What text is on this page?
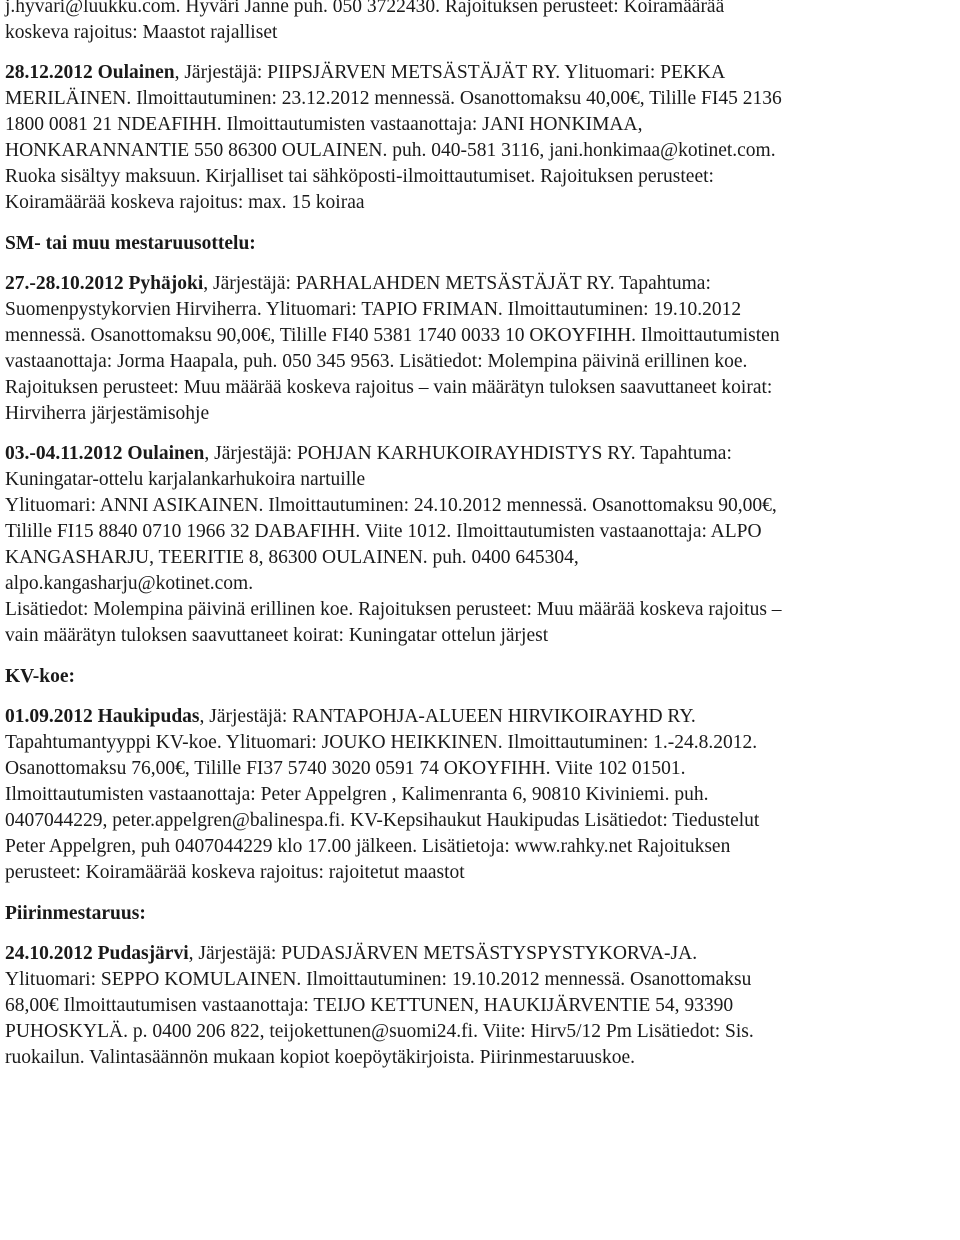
j.hyvari@luukku.com. Hyväri Janne puh. 050 3722430. Rajoituksen perusteet: Koiramäärää
koskeva rajoitus: Maastot rajalliset
28.12.2012 Oulainen, Järjestäjä: PIIPSJÄRVEN METSÄSTÄJÄT RY. Ylituomari: PEKKA
MERILÄINEN. Ilmoittautuminen: 23.12.2012 mennessä. Osanottomaksu 40,00€, Tilille FI45 2136
1800 0081 21 NDEAFIHH. Ilmoittautumisten vastaanottaja: JANI HONKIMAA,
HONKARANNANTIE 550 86300 OULAINEN. puh. 040-581 3116, jani.honkimaa@kotinet.com.
Ruoka sisältyy maksuun. Kirjalliset tai sähköposti-ilmoittautumiset. Rajoituksen perusteet:
Koiramäärää koskeva rajoitus: max. 15 koiraa
SM- tai muu mestaruusottelu:
27.-28.10.2012 Pyhäjoki, Järjestäjä: PARHALAHDEN METSÄSTÄJÄT RY. Tapahtuma:
Suomenpystykorvien Hirviherra. Ylituomari: TAPIO FRIMAN. Ilmoittautuminen: 19.10.2012
mennessä. Osanottomaksu 90,00€, Tilille FI40 5381 1740 0033 10 OKOYFIHH. Ilmoittautumisten
vastaanottaja: Jorma Haapala, puh. 050 345 9563. Lisätiedot: Molempina päivinä erillinen koe.
Rajoituksen perusteet: Muu määrää koskeva rajoitus – vain määrätyn tuloksen saavuttaneet koirat:
Hirviherra järjestämisohje
03.-04.11.2012 Oulainen, Järjestäjä: POHJAN KARHUKOIRAYHDISTYS RY. Tapahtuma:
Kuningatar-ottelu karjalankarhukoira nartuille
Ylituomari: ANNI ASIKAINEN. Ilmoittautuminen: 24.10.2012 mennessä. Osanottomaksu 90,00€,
Tilille FI15 8840 0710 1966 32 DABAFIHH. Viite 1012. Ilmoittautumisten vastaanottaja: ALPO
KANGASHARJU, TEERITIE 8, 86300 OULAINEN. puh. 0400 645304,
alpo.kangasharju@kotinet.com.
Lisätiedot: Molempina päivinä erillinen koe. Rajoituksen perusteet: Muu määrää koskeva rajoitus –
vain määrätyn tuloksen saavuttaneet koirat: Kuningatar ottelun järjest
KV-koe:
01.09.2012 Haukipudas, Järjestäjä: RANTAPOHJA-ALUEEN HIRVIKOIRAYHD RY.
Tapahtumantyyppi KV-koe. Ylituomari: JOUKO HEIKKINEN. Ilmoittautuminen: 1.-24.8.2012.
Osanottomaksu 76,00€, Tilille FI37 5740 3020 0591 74 OKOYFIHH. Viite 102 01501.
Ilmoittautumisten vastaanottaja: Peter Appelgren , Kalimenranta 6, 90810 Kiviniemi. puh.
0407044229, peter.appelgren@balinespa.fi. KV-Kepsihaukut Haukipudas Lisätiedot: Tiedustelut
Peter Appelgren, puh 0407044229 klo 17.00 jälkeen. Lisätietoja: www.rahky.net Rajoituksen
perusteet: Koiramäärää koskeva rajoitus: rajoitetut maastot
Piirinmestaruus:
24.10.2012 Pudasjärvi, Järjestäjä: PUDASJÄRVEN METSÄSTYSPYSTYKORVA-JA.
Ylituomari: SEPPO KOMULAINEN. Ilmoittautuminen: 19.10.2012 mennessä. Osanottomaksu
68,00€ Ilmoittautumisen vastaanottaja: TEIJO KETTUNEN, HAUKIJÄRVENTIE 54, 93390
PUHOSKYLÄ. p. 0400 206 822, teijokettunen@suomi24.fi. Viite: Hirv5/12 Pm Lisätiedot: Sis.
ruokailun. Valintasäännön mukaan kopiot koepöytäkirjoista. Piirinmestaruuskoe.
